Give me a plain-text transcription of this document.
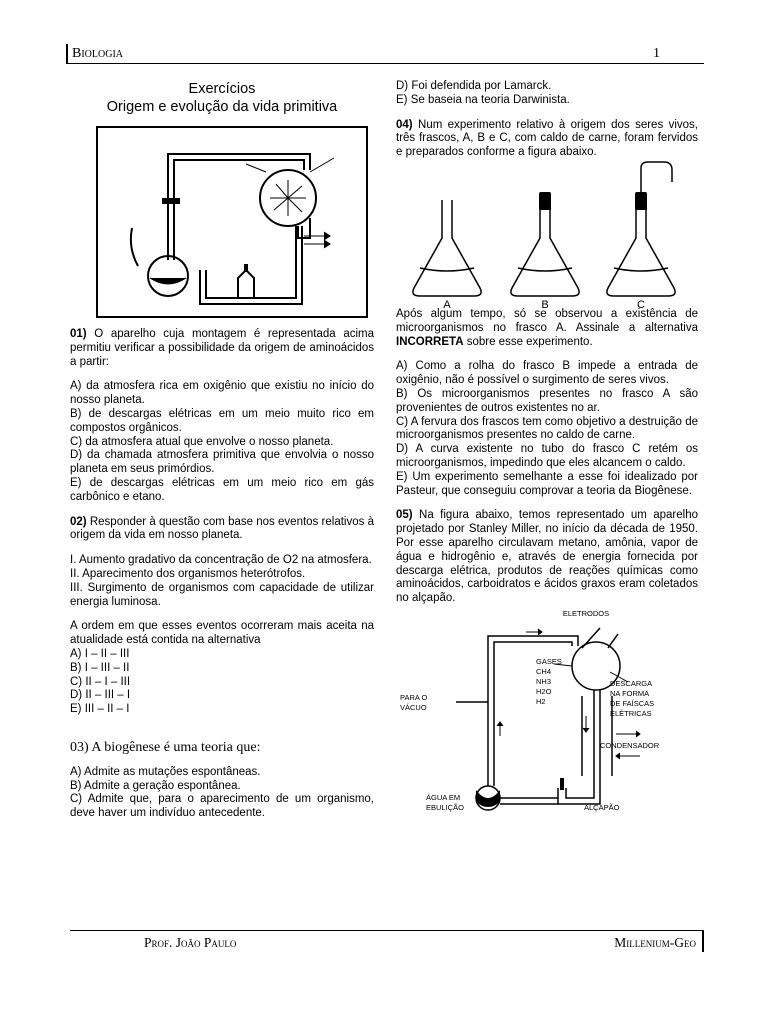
Biologia	1
Exercícios
Origem e evolução da vida primitiva

01) O aparelho cuja montagem é representada acima permitiu verificar a possibilidade da origem de aminoácidos a partir:

A) da atmosfera rica em oxigênio que existiu no início do nosso planeta.

B) de descargas elétricas em um meio muito rico em compostos orgânicos.

C) da atmosfera atual que envolve o nosso planeta.

D) da chamada atmosfera primitiva que envolvia o nosso planeta em seus primórdios.

E) de descargas elétricas em um meio rico em gás carbônico e etano.

02) Responder à questão com base nos eventos relativos à origem da vida em nosso planeta.

I. Aumento gradativo da concentração de O2 na atmosfera.

II. Aparecimento dos organismos heterótrofos.

III. Surgimento de organismos com capacidade de utilizar energia luminosa.

A ordem em que esses eventos ocorreram mais aceita na atualidade está contida na alternativa

A) I – II – III

B) I – III – II

C) II – I – III

D) II – III – I

E) III – II – I

03) A biogênese é uma teoria que:

A) Admite as mutações espontâneas.

B) Admite a geração espontânea.

C) Admite que, para o aparecimento de um organismo, deve haver um indivíduo antecedente.

D) Foi defendida por Lamarck.

E) Se baseia na teoria Darwinista.

04) Num experimento relativo à origem dos seres vivos, três frascos, A, B e C, com caldo de carne, foram fervidos e preparados conforme a figura abaixo.

A	B	C

Após algum tempo, só se observou a existência de microorganismos no frasco A. Assinale a alternativa INCORRETA sobre esse experimento.

A) Como a rolha do frasco B impede a entrada de oxigênio, não é possível o surgimento de seres vivos.

B) Os microorganismos presentes no frasco A são provenientes de outros existentes no ar.

C) A fervura dos frascos tem como objetivo a destruição de microorganismos presentes no caldo de carne.

D) A curva existente no tubo do frasco C retém os microorganismos, impedindo que eles alcancem o caldo.

E) Um experimento semelhante a esse foi idealizado por Pasteur, que conseguiu comprovar a teoria da Biogênese.

05) Na figura abaixo, temos representado um aparelho projetado por Stanley Miller, no início da década de 1950. Por esse aparelho circulavam metano, amônia, vapor de água e hidrogênio e, através de energia fornecida por descarga elétrica, produtos de reações químicas como aminoácidos, carboidratos e ácidos graxos eram coletados no alçapão.

ELETRODOS
GASES
CH4
NH3
H2O
H2
DESCARGA
NA FORMA
DE FAÍSCAS
ELÉTRICAS
PARA O
VÁCUO
CONDENSADOR
ÁGUA EM
EBULIÇÃO	ALÇAPÃO
Prof. João Paulo	Millenium-Geo
